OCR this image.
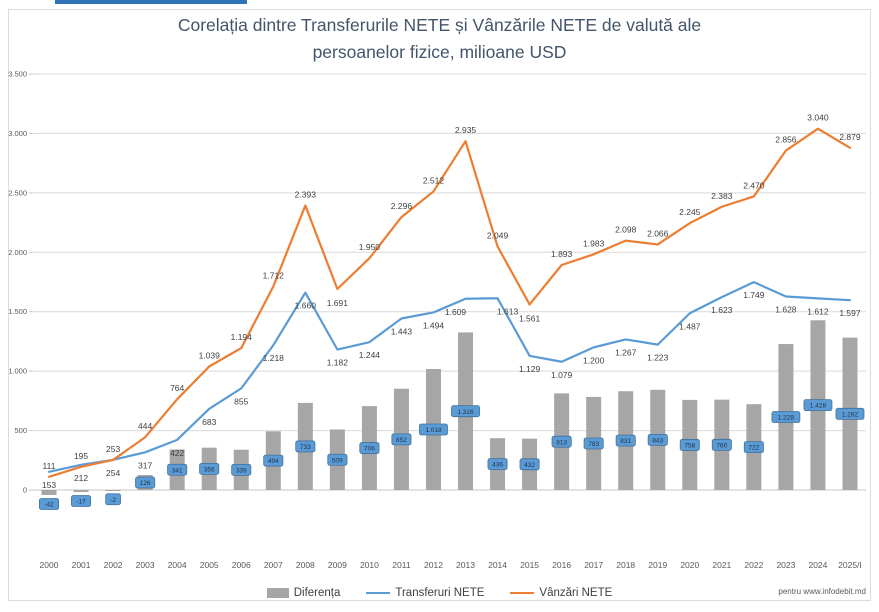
Corelația dintre Transferurile NETE și Vânzările NETE de valută ale persoanelor fizice, milioane USD
0
500
1.000
1.500
2.000
2.500
3.000
3.500
111
195
253
444
764
1.039
1.194
1.712
2.393
1.691
1.950
2.296
2.512
2.935
2.049
1.561
1.893
1.983
2.098 2.066
2.245
2.383
2.470
2.856
3.040
2.879
153
212 254
317
422
683
855
1.218
1.660
1.182
1.244
1.443
1.494
1.609	1.613
1.129
1.079
1.200
1.267
1.223
1.487
1.623
1.749
1.628 1.612 1.597
-42	-17	-2
126
341	356	339
494
733
509
706
852
1.018
1.326
436	432
813	783	831	843
758	760	722
1.228
1.428
1.282
2000 2001 2002 2003 2004 2005 2006 2007 2008 2009 2010 2011 2012 2013 2014 2015 2016 2017 2018 2019 2020 2021 2022 2023 2024 2025/I
Diferența	Transferuri NETE	Vânzări NETE	pentru www.infodebit.md
